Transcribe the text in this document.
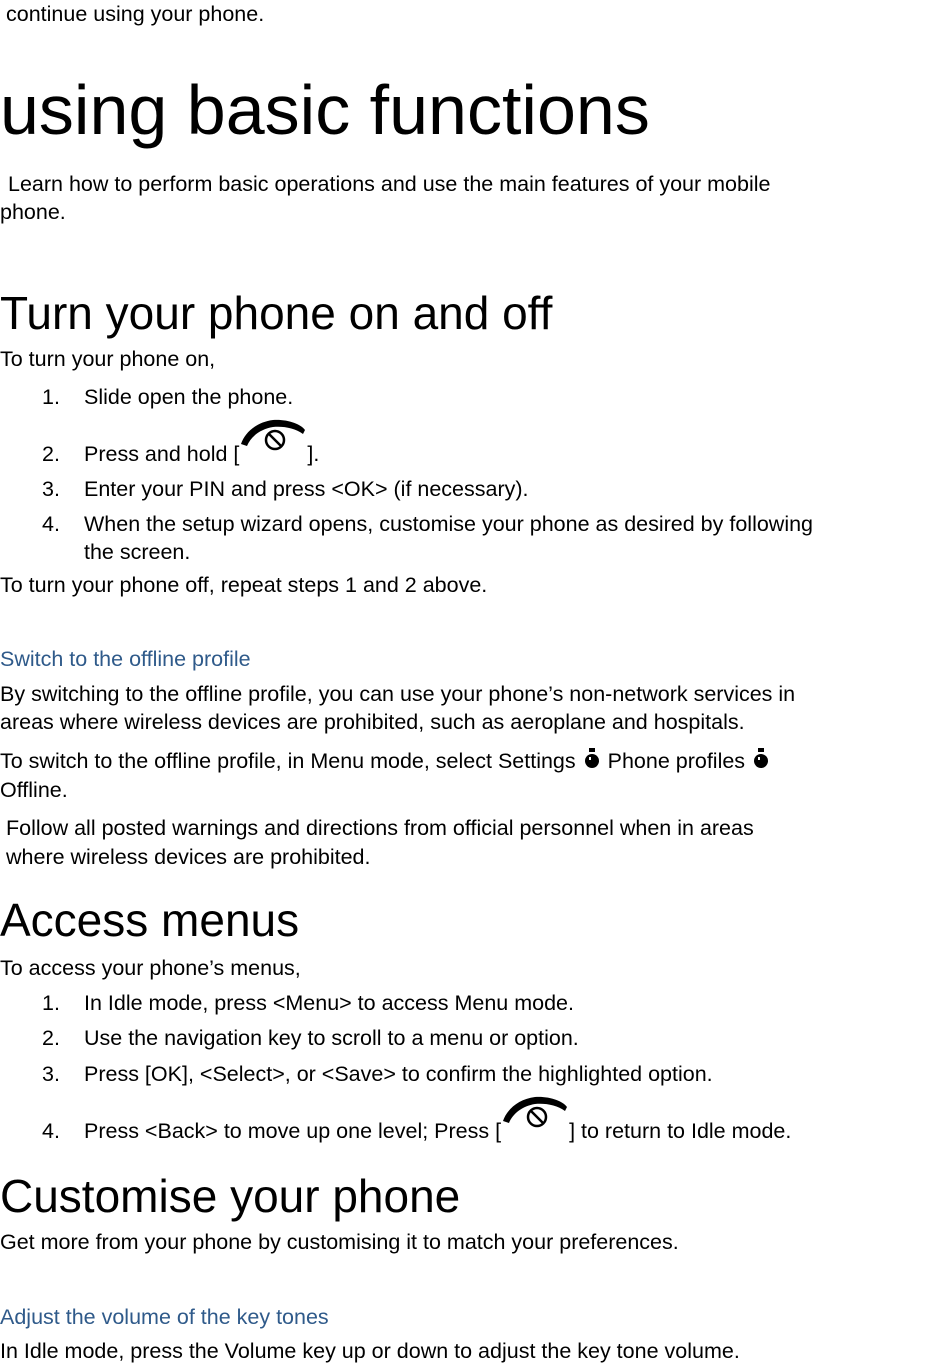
continue using your phone.
using basic functions
Learn how to perform basic operations and use the main features of your mobile
phone.
Turn your phone on and off
To turn your phone on,
1. Slide open the phone.
2. Press and hold [	].
3. Enter your PIN and press <OK> (if necessary).
4. When the setup wizard opens, customise your phone as desired by following
the screen.
To turn your phone off, repeat steps 1 and 2 above.
Switch to the offline profile
By switching to the offline profile, you can use your phone’s non-network services in
areas where wireless devices are prohibited, such as aeroplane and hospitals.
To switch to the offline profile, in Menu mode, select Settings Phone profiles
Offline.
Follow all posted warnings and directions from official personnel when in areas
where wireless devices are prohibited.
Access menus
To access your phone’s menus,
1. In Idle mode, press <Menu> to access Menu mode.
2. Use the navigation key to scroll to a menu or option.
3. Press [OK], <Select>, or <Save> to confirm the highlighted option.
4. Press <Back> to move up one level; Press [	] to return to Idle mode.
Customise your phone
Get more from your phone by customising it to match your preferences.
Adjust the volume of the key tones
In Idle mode, press the Volume key up or down to adjust the key tone volume.
